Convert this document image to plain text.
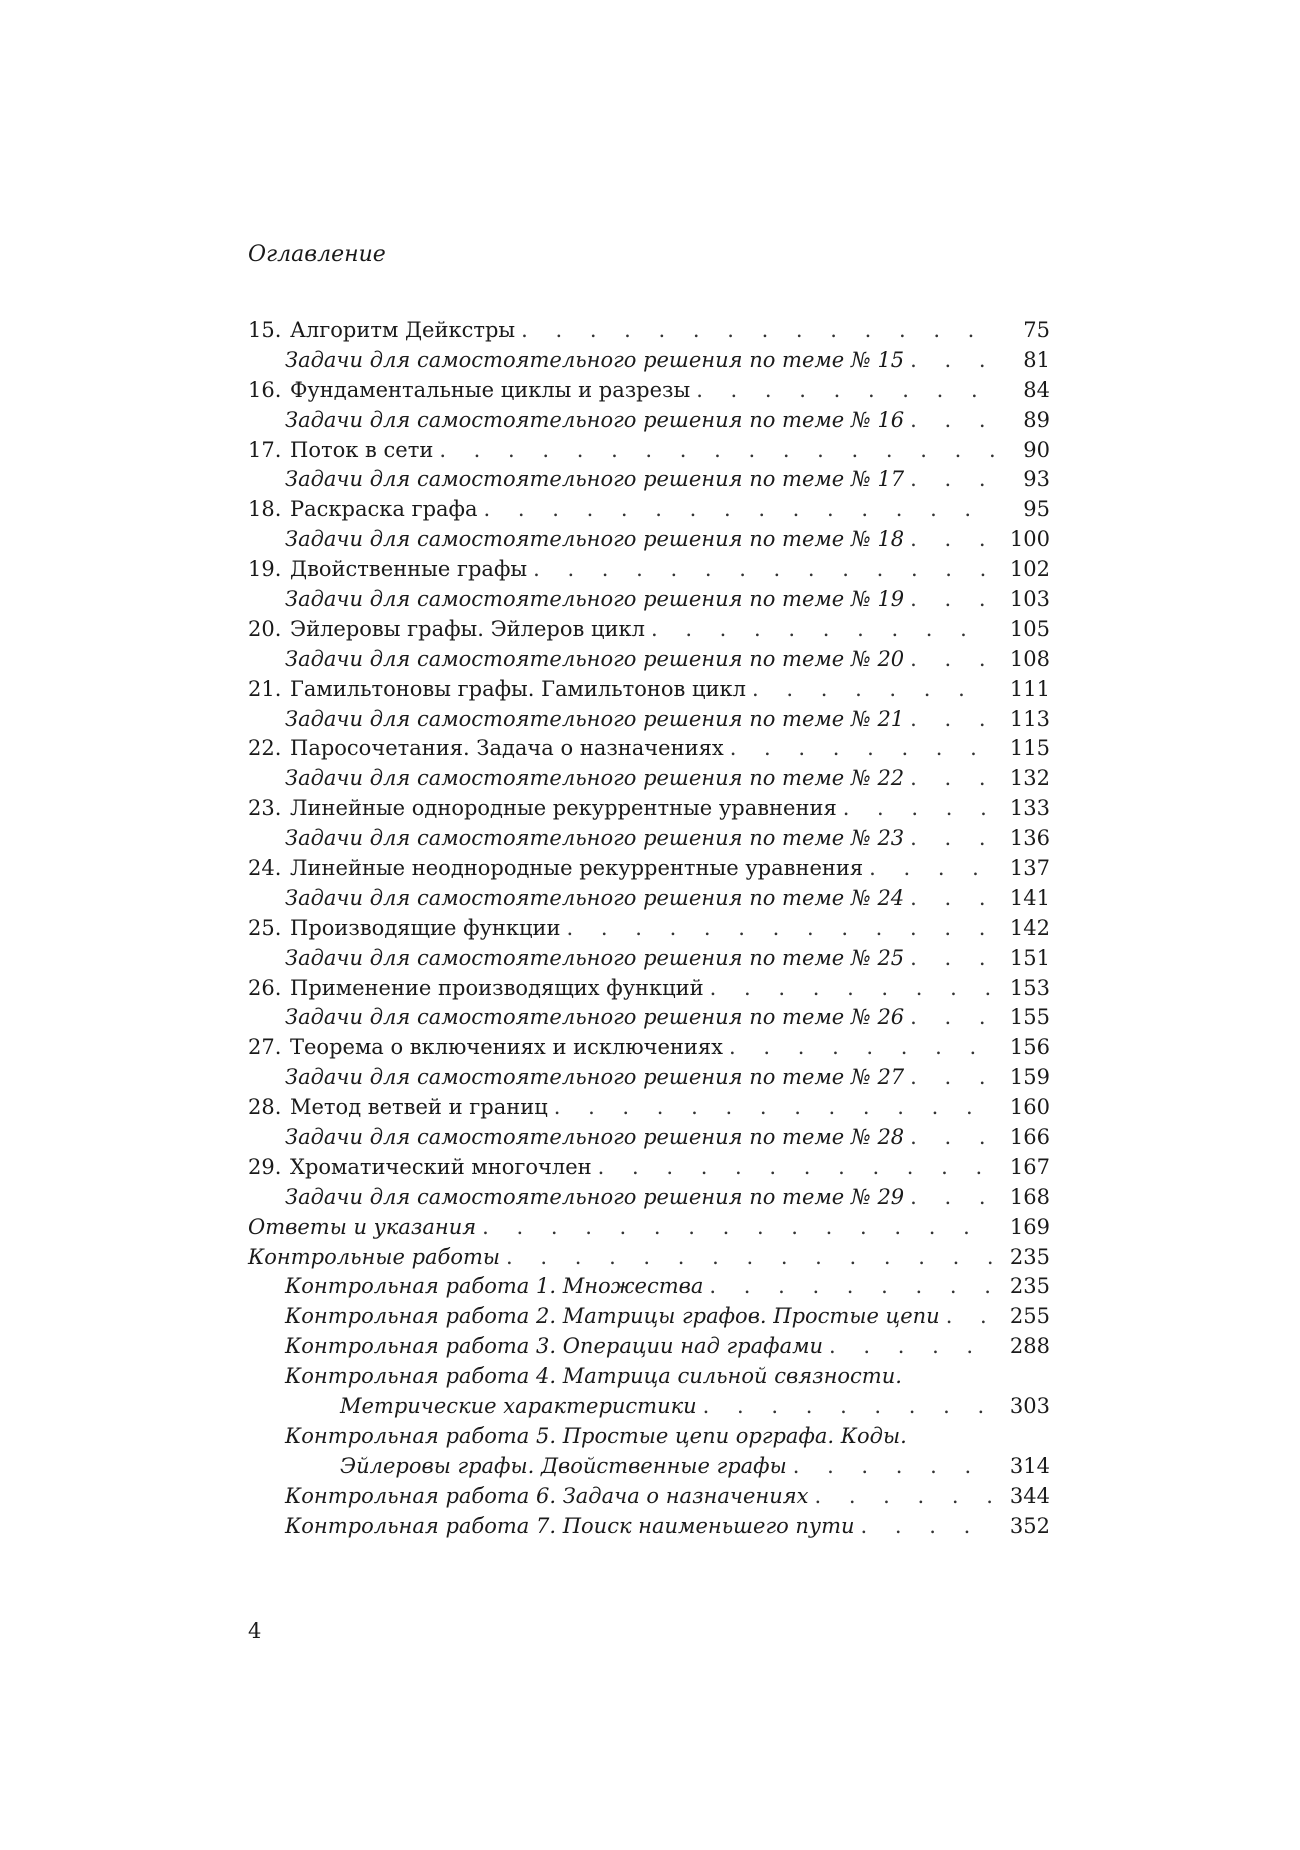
Оглавление
15. Алгоритм Дейкстры . . .	75
Задачи для самостоятельного решения по теме № 15 . . .	81
16. Фундаментальные циклы и разрезы . . .	84
Задачи для самостоятельного решения по теме № 16 . . .	89
17. Поток в сети . . .	90
Задачи для самостоятельного решения по теме № 17 . . .	93
18. Раскраска графа . . .	95
Задачи для самостоятельного решения по теме № 18 . . .	100
19. Двойственные графы . . .	102
Задачи для самостоятельного решения по теме № 19 . . .	103
20. Эйлеровы графы. Эйлеров цикл . . .	105
Задачи для самостоятельного решения по теме № 20 . . .	108
21. Гамильтоновы графы. Гамильтонов цикл . . .	111
Задачи для самостоятельного решения по теме № 21 . . .	113
22. Паросочетания. Задача о назначениях . . .	115
Задачи для самостоятельного решения по теме № 22 . . .	132
23. Линейные однородные рекуррентные уравнения . . .	133
Задачи для самостоятельного решения по теме № 23 . . .	136
24. Линейные неоднородные рекуррентные уравнения . . .	137
Задачи для самостоятельного решения по теме № 24 . . .	141
25. Производящие функции . . .	142
Задачи для самостоятельного решения по теме № 25 . . .	151
26. Применение производящих функций . . .	153
Задачи для самостоятельного решения по теме № 26 . . .	155
27. Теорема о включениях и исключениях . . .	156
Задачи для самостоятельного решения по теме № 27 . . .	159
28. Метод ветвей и границ . . .	160
Задачи для самостоятельного решения по теме № 28 . . .	166
29. Хроматический многочлен . . .	167
Задачи для самостоятельного решения по теме № 29 . . .	168
Ответы и указания . . .	169
Контрольные работы . . .	235
Контрольная работа 1. Множества . . .	235
Контрольная работа 2. Матрицы графов. Простые цепи . . .	255
Контрольная работа 3. Операции над графами . . .	288
Контрольная работа 4. Матрица сильной связности.
Метрические характеристики . . .	303
Контрольная работа 5. Простые цепи орграфа. Коды.
Эйлеровы графы. Двойственные графы . . .	314
Контрольная работа 6. Задача о назначениях . . .	344
Контрольная работа 7. Поиск наименьшего пути . . .	352
4
